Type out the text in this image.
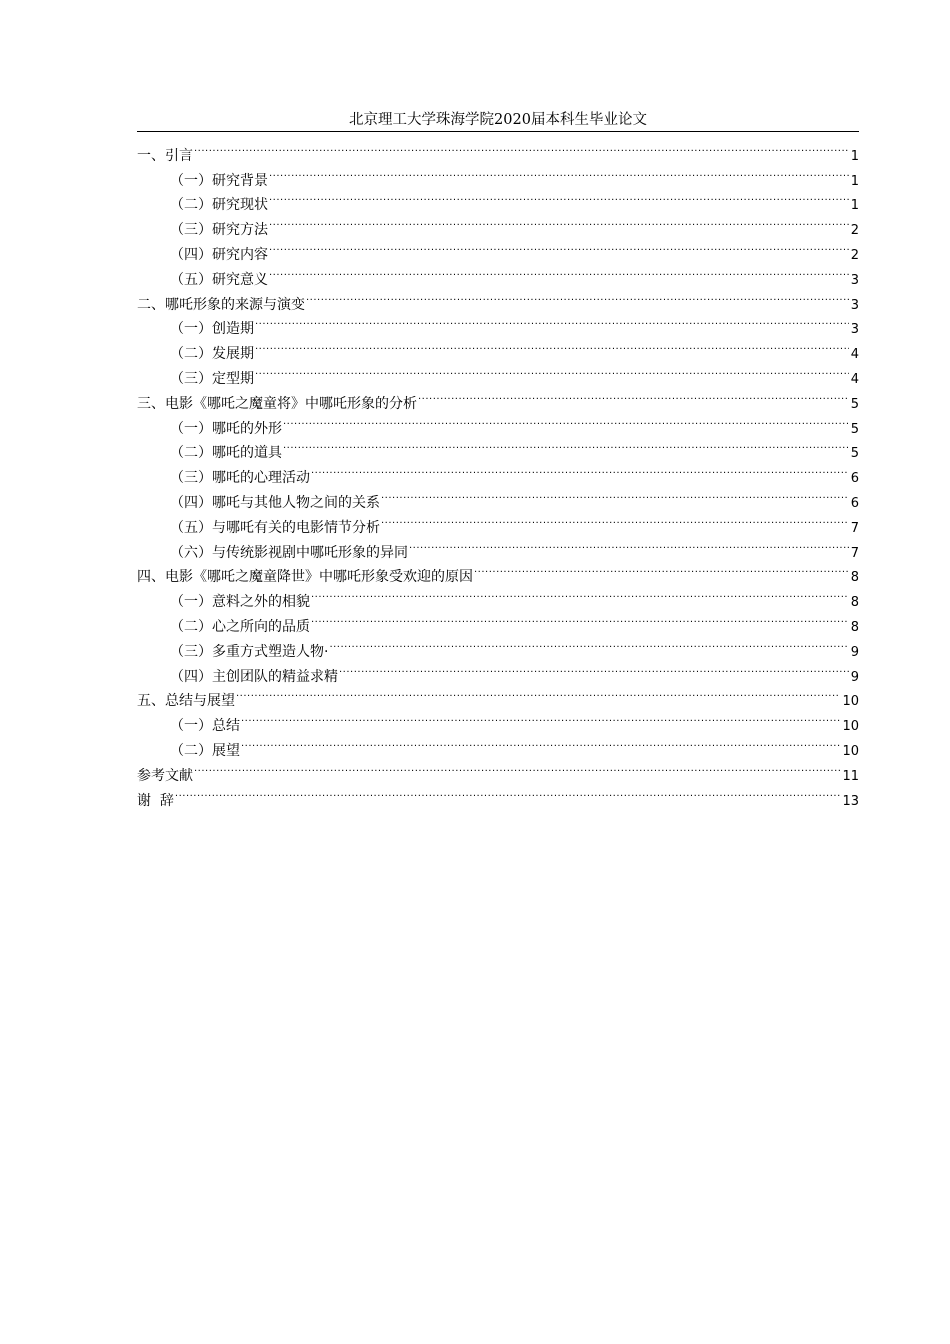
北京理工大学珠海学院2020届本科生毕业论文
一、引言 .....	1
（一）研究背景 .....	1
（二）研究现状 .....	1
（三）研究方法 .....	2
（四）研究内容 .....	2
（五）研究意义 .....	3
二、哪吒形象的来源与演变 .....	3
（一）创造期 .....	3
（二）发展期 .....	4
（三）定型期 .....	4
三、电影《哪吒之魔童将》中哪吒形象的分析 .....	5
（一）哪吒的外形 .....	5
（二）哪吒的道具 .....	5
（三）哪吒的心理活动 .....	6
（四）哪吒与其他人物之间的关系 .....	6
（五）与哪吒有关的电影情节分析 .....	7
（六）与传统影视剧中哪吒形象的异同 .....	7
四、电影《哪吒之魔童降世》中哪吒形象受欢迎的原因 .....	8
（一）意料之外的相貌 .....	8
（二）心之所向的品质 .....	8
（三）多重方式塑造人物· .....	9
（四）主创团队的精益求精 .....	9
五、总结与展望 .....	10
（一）总结 .....	10
（二）展望 .....	10
参考文献 .....	11
谢  辞 .....	13
